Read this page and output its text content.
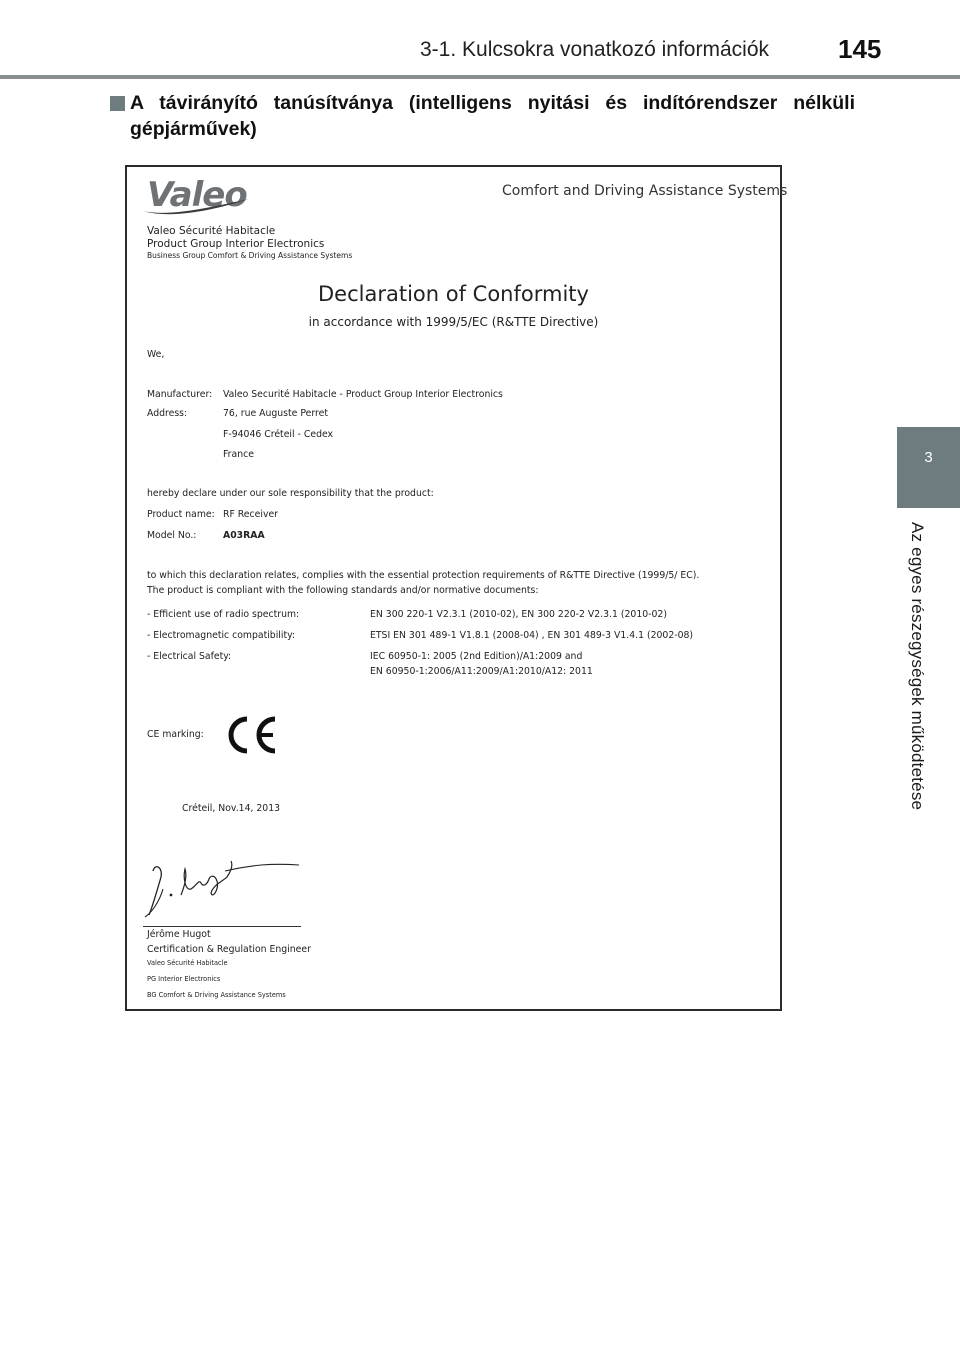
3-1. Kulcsokra vonatkozó információk	145
3
Az egyes részegységek működtetése
A távirányító tanúsítványa (intelligens nyitási és indítórendszer nélküli gépjárművek)
Valeo	Comfort and Driving Assistance Systems
Valeo Sécurité Habitacle
Product Group Interior Electronics
Business Group Comfort & Driving Assistance Systems
Declaration of Conformity
in accordance with 1999/5/EC (R&TTE Directive)
We,
Manufacturer: Valeo Securité Habitacle - Product Group Interior Electronics
Address:	76, rue Auguste Perret
F-94046 Créteil - Cedex
France
hereby declare under our sole responsibility that the product:
Product name: RF Receiver
Model No.:	A03RAA
to which this declaration relates, complies with the essential protection requirements of R&TTE Directive (1999/5/ EC).
The product is compliant with the following standards and/or normative documents:
- Efficient use of radio spectrum:	EN 300 220-1 V2.3.1 (2010-02), EN 300 220-2 V2.3.1 (2010-02)
- Electromagnetic compatibility:	ETSI EN 301 489-1 V1.8.1 (2008-04) , EN 301 489-3 V1.4.1 (2002-08)
- Electrical Safety:	IEC 60950-1: 2005 (2nd Edition)/A1:2009 and
EN 60950-1:2006/A11:2009/A1:2010/A12: 2011
CE marking:
Créteil, Nov.14, 2013
Jérôme Hugot
Certification & Regulation Engineer
Valeo Sécurité Habitacle
PG Interior Electronics
BG Comfort & Driving Assistance Systems
